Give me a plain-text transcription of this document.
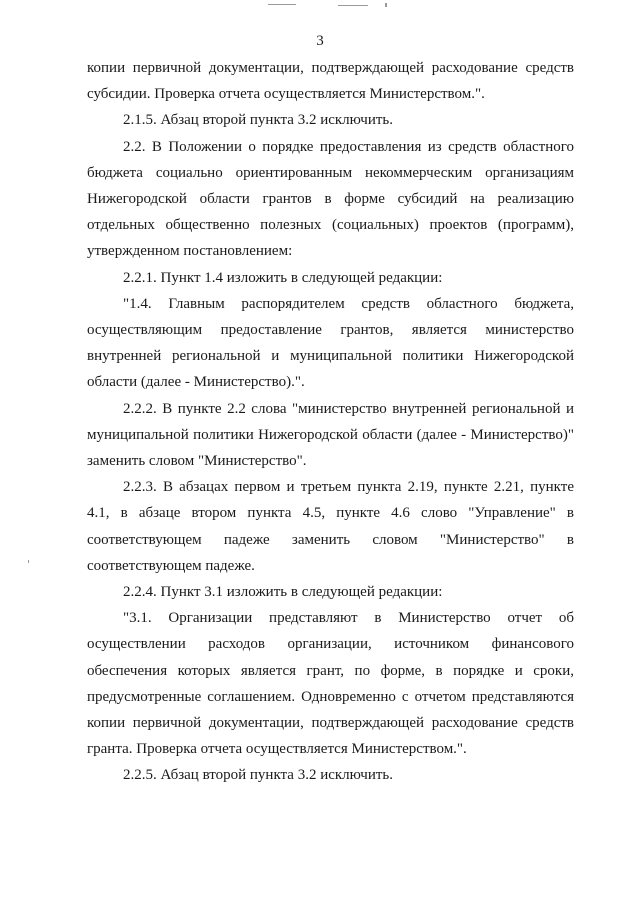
3

копии первичной документации, подтверждающей расходование средств субсидии. Проверка отчета осуществляется Министерством.".

2.1.5. Абзац второй пункта 3.2 исключить.

2.2. В Положении о порядке предоставления из средств областного бюджета социально ориентированным некоммерческим организациям Нижегородской области грантов в форме субсидий на реализацию отдельных общественно полезных (социальных) проектов (программ), утвержденном постановлением:

2.2.1. Пункт 1.4 изложить в следующей редакции:

"1.4. Главным распорядителем средств областного бюджета, осуществляющим предоставление грантов, является министерство внутренней региональной и муниципальной политики Нижегородской области (далее - Министерство).".

2.2.2. В пункте 2.2 слова "министерство внутренней региональной и муниципальной политики Нижегородской области (далее - Министерство)" заменить словом "Министерство".

2.2.3. В абзацах первом и третьем пункта 2.19, пункте 2.21, пункте 4.1, в абзаце втором пункта 4.5, пункте 4.6 слово "Управление" в соответствующем падеже заменить словом "Министерство" в соответствующем падеже.

2.2.4. Пункт 3.1 изложить в следующей редакции:

"3.1. Организации представляют в Министерство отчет об осуществлении расходов организации, источником финансового обеспечения которых является грант, по форме, в порядке и сроки, предусмотренные соглашением. Одновременно с отчетом представляются копии первичной документации, подтверждающей расходование средств гранта. Проверка отчета осуществляется Министерством.".

2.2.5. Абзац второй пункта 3.2 исключить.
